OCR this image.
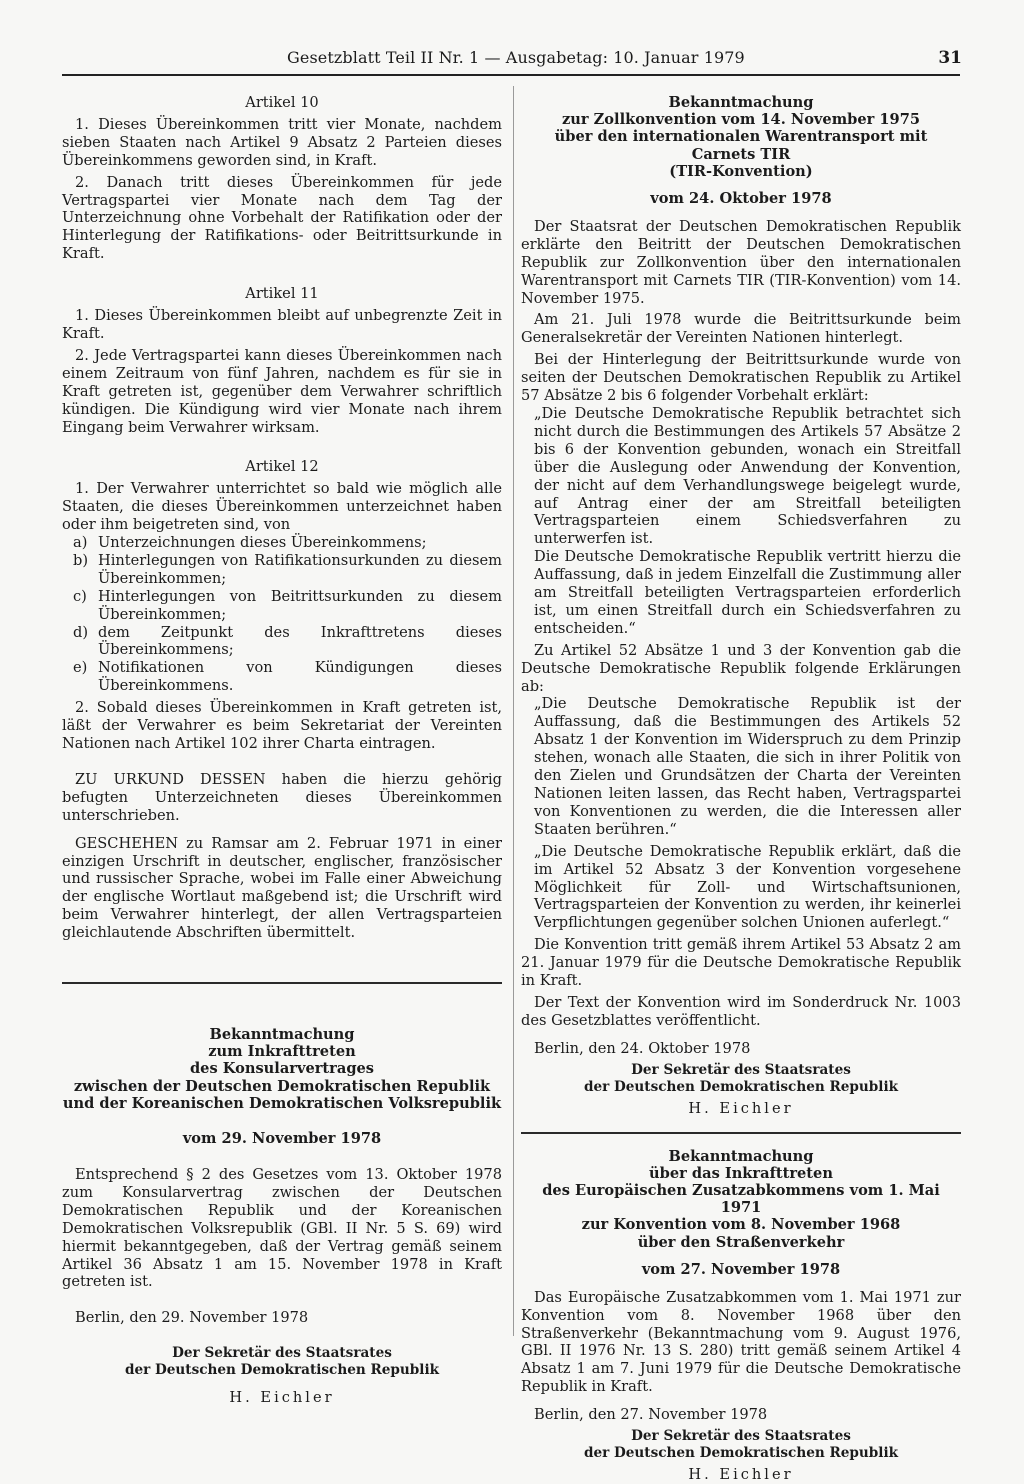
Gesetzblatt Teil II Nr. 1 — Ausgabetag: 10. Januar 1979	31

Artikel 10

1. Dieses Übereinkommen tritt vier Monate, nachdem sieben Staaten nach Artikel 9 Absatz 2 Parteien dieses Übereinkommens geworden sind, in Kraft.

2. Danach tritt dieses Übereinkommen für jede Vertragspartei vier Monate nach dem Tag der Unterzeichnung ohne Vorbehalt der Ratifikation oder der Hinterlegung der Ratifikations- oder Beitrittsurkunde in Kraft.

Artikel 11

1. Dieses Übereinkommen bleibt auf unbegrenzte Zeit in Kraft.

2. Jede Vertragspartei kann dieses Übereinkommen nach einem Zeitraum von fünf Jahren, nachdem es für sie in Kraft getreten ist, gegenüber dem Verwahrer schriftlich kündigen. Die Kündigung wird vier Monate nach ihrem Eingang beim Verwahrer wirksam.

Artikel 12

1. Der Verwahrer unterrichtet so bald wie möglich alle Staaten, die dieses Übereinkommen unterzeichnet haben oder ihm beigetreten sind, von

a) Unterzeichnungen dieses Übereinkommens;
b) Hinterlegungen von Ratifikationsurkunden zu diesem Übereinkommen;
c) Hinterlegungen von Beitrittsurkunden zu diesem Übereinkommen;
d) dem Zeitpunkt des Inkrafttretens dieses Übereinkommens;
e) Notifikationen von Kündigungen dieses Übereinkommens.

2. Sobald dieses Übereinkommen in Kraft getreten ist, läßt der Verwahrer es beim Sekretariat der Vereinten Nationen nach Artikel 102 ihrer Charta eintragen.

ZU URKUND DESSEN haben die hierzu gehörig befugten Unterzeichneten dieses Übereinkommen unterschrieben.

GESCHEHEN zu Ramsar am 2. Februar 1971 in einer einzigen Urschrift in deutscher, englischer, französischer und russischer Sprache, wobei im Falle einer Abweichung der englische Wortlaut maßgebend ist; die Urschrift wird beim Verwahrer hinterlegt, der allen Vertragsparteien gleichlautende Abschriften übermittelt.

Bekanntmachung

zum Inkrafttreten

des Konsularvertrages

zwischen der Deutschen Demokratischen Republik

und der Koreanischen Demokratischen Volksrepublik

vom 29. November 1978

Entsprechend § 2 des Gesetzes vom 13. Oktober 1978 zum Konsularvertrag zwischen der Deutschen Demokratischen Republik und der Koreanischen Demokratischen Volksrepublik (GBl. II Nr. 5 S. 69) wird hiermit bekanntgegeben, daß der Vertrag gemäß seinem Artikel 36 Absatz 1 am 15. November 1978 in Kraft getreten ist.

Berlin, den 29. November 1978

Der Sekretär des Staatsrates

der Deutschen Demokratischen Republik

H. Eichler

Bekanntmachung

zur Zollkonvention vom 14. November 1975

über den internationalen Warentransport mit Carnets TIR

(TIR-Konvention)

vom 24. Oktober 1978

Der Staatsrat der Deutschen Demokratischen Republik erklärte den Beitritt der Deutschen Demokratischen Republik zur Zollkonvention über den internationalen Warentransport mit Carnets TIR (TIR-Konvention) vom 14. November 1975.

Am 21. Juli 1978 wurde die Beitrittsurkunde beim Generalsekretär der Vereinten Nationen hinterlegt.

Bei der Hinterlegung der Beitrittsurkunde wurde von seiten der Deutschen Demokratischen Republik zu Artikel 57 Absätze 2 bis 6 folgender Vorbehalt erklärt:

„Die Deutsche Demokratische Republik betrachtet sich nicht durch die Bestimmungen des Artikels 57 Absätze 2 bis 6 der Konvention gebunden, wonach ein Streitfall über die Auslegung oder Anwendung der Konvention, der nicht auf dem Verhandlungswege beigelegt wurde, auf Antrag einer der am Streitfall beteiligten Vertragsparteien einem Schiedsverfahren zu unterwerfen ist.

Die Deutsche Demokratische Republik vertritt hierzu die Auffassung, daß in jedem Einzelfall die Zustimmung aller am Streitfall beteiligten Vertragsparteien erforderlich ist, um einen Streitfall durch ein Schiedsverfahren zu entscheiden.“

Zu Artikel 52 Absätze 1 und 3 der Konvention gab die Deutsche Demokratische Republik folgende Erklärungen ab:

„Die Deutsche Demokratische Republik ist der Auffassung, daß die Bestimmungen des Artikels 52 Absatz 1 der Konvention im Widerspruch zu dem Prinzip stehen, wonach alle Staaten, die sich in ihrer Politik von den Zielen und Grundsätzen der Charta der Vereinten Nationen leiten lassen, das Recht haben, Vertragspartei von Konventionen zu werden, die die Interessen aller Staaten berühren.“

„Die Deutsche Demokratische Republik erklärt, daß die im Artikel 52 Absatz 3 der Konvention vorgesehene Möglichkeit für Zoll- und Wirtschaftsunionen, Vertragsparteien der Konvention zu werden, ihr keinerlei Verpflichtungen gegenüber solchen Unionen auferlegt.“

Die Konvention tritt gemäß ihrem Artikel 53 Absatz 2 am 21. Januar 1979 für die Deutsche Demokratische Republik in Kraft.

Der Text der Konvention wird im Sonderdruck Nr. 1003 des Gesetzblattes veröffentlicht.

Berlin, den 24. Oktober 1978

Der Sekretär des Staatsrates

der Deutschen Demokratischen Republik

H. Eichler

Bekanntmachung

über das Inkrafttreten

des Europäischen Zusatzabkommens vom 1. Mai 1971

zur Konvention vom 8. November 1968

über den Straßenverkehr

vom 27. November 1978

Das Europäische Zusatzabkommen vom 1. Mai 1971 zur Konvention vom 8. November 1968 über den Straßenverkehr (Bekanntmachung vom 9. August 1976, GBl. II 1976 Nr. 13 S. 280) tritt gemäß seinem Artikel 4 Absatz 1 am 7. Juni 1979 für die Deutsche Demokratische Republik in Kraft.

Berlin, den 27. November 1978

Der Sekretär des Staatsrates

der Deutschen Demokratischen Republik

H. Eichler
